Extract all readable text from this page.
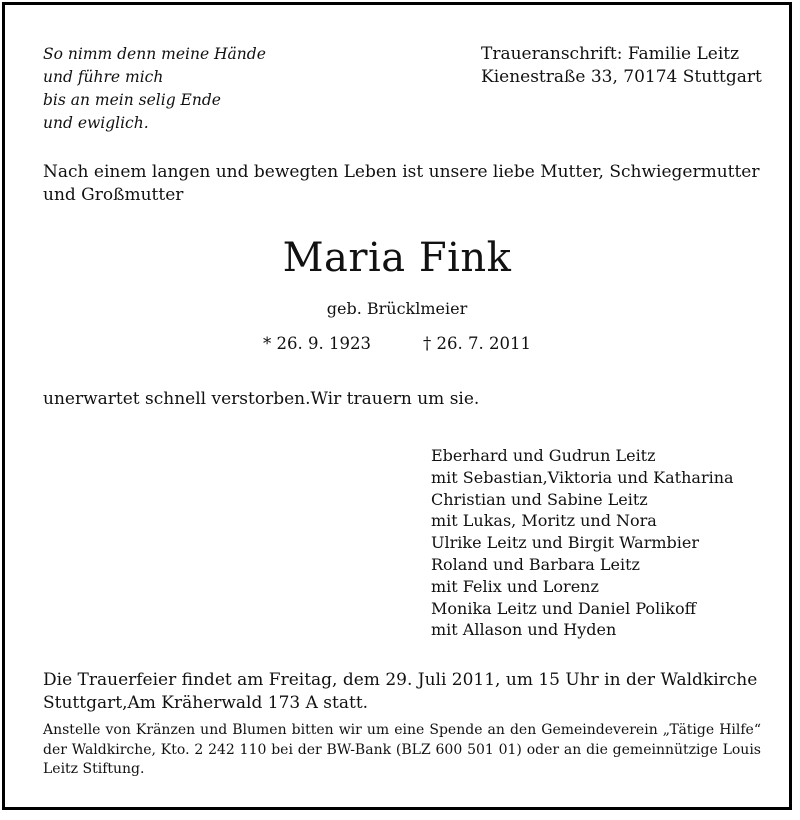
So nimm denn meine Hände
und führe mich
bis an mein selig Ende
und ewiglich.
Traueranschrift: Familie Leitz
Kienestraße 33, 70174 Stuttgart
Nach einem langen und bewegten Leben ist unsere liebe Mutter, Schwiegermutter und Großmutter
Maria Fink
geb. Brücklmeier
* 26. 9. 1923	† 26. 7. 2011
unerwartet schnell verstorben.Wir trauern um sie.
Eberhard und Gudrun Leitz
mit Sebastian,Viktoria und Katharina
Christian und Sabine Leitz
mit Lukas, Moritz und Nora
Ulrike Leitz und Birgit Warmbier
Roland und Barbara Leitz
mit Felix und Lorenz
Monika Leitz und Daniel Polikoff
mit Allason und Hyden
Die Trauerfeier findet am Freitag, dem 29. Juli 2011, um 15 Uhr in der Waldkirche
Stuttgart,Am Kräherwald 173 A statt.
Anstelle von Kränzen und Blumen bitten wir um eine Spende an den Gemeindeverein „Tätige Hilfe“ der Waldkirche, Kto. 2 242 110 bei der BW-Bank (BLZ 600 501 01) oder an die gemeinnützige Louis Leitz Stiftung.
